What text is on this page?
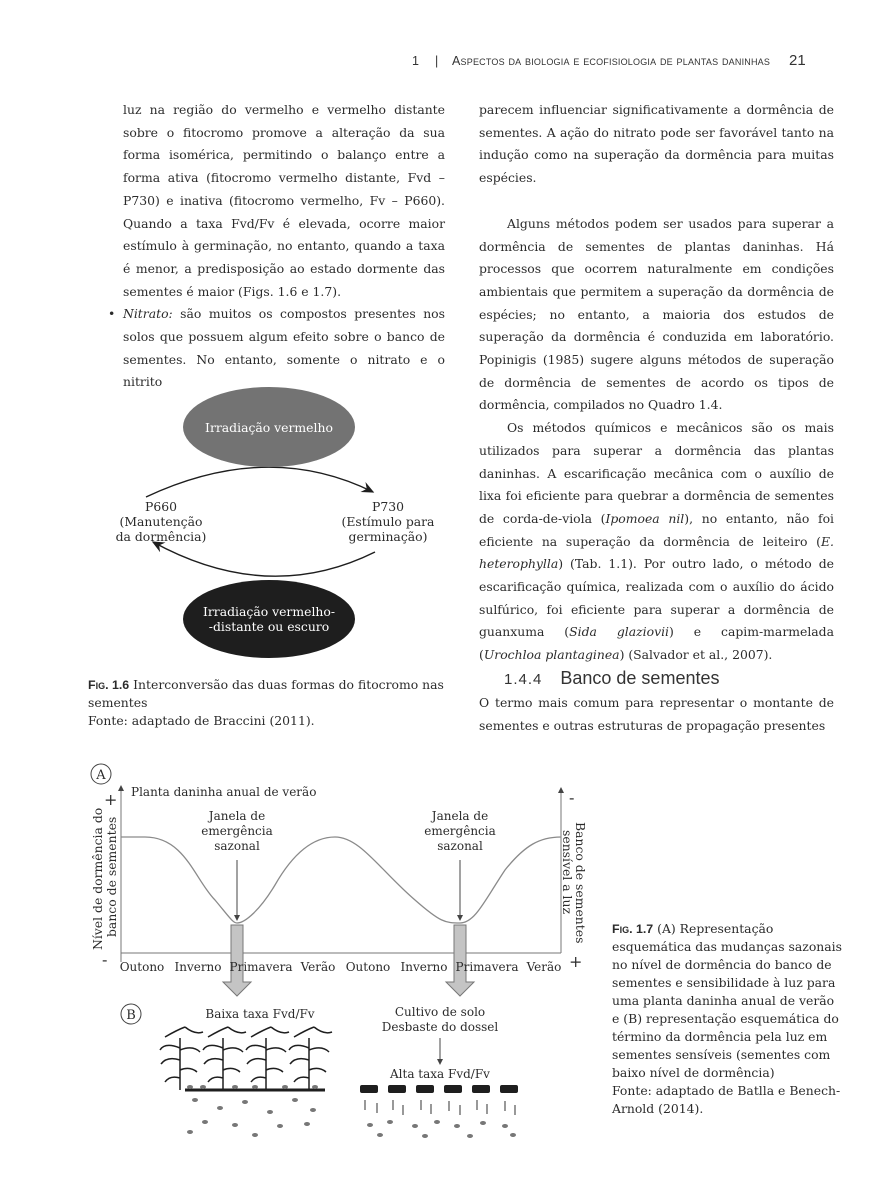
1 | Aspectos da biologia e ecofisiologia de plantas daninhas 21

luz na região do vermelho e vermelho distante sobre o fitocromo promove a alteração da sua forma isomérica, permitindo o balanço entre a forma ativa (fitocromo vermelho distante, Fvd – P730) e inativa (fitocromo vermelho, Fv – P660). Quando a taxa Fvd/Fv é elevada, ocorre maior estímulo à germinação, no entanto, quando a taxa é menor, a predisposição ao estado dormente das sementes é maior (Figs. 1.6 e 1.7).

• Nitrato: são muitos os compostos presentes nos solos que possuem algum efeito sobre o banco de sementes. No entanto, somente o nitrato e o nitrito

parecem influenciar significativamente a dormência de sementes. A ação do nitrato pode ser favorável tanto na indução como na superação da dormência para muitas espécies.

Alguns métodos podem ser usados para superar a dormência de sementes de plantas daninhas. Há processos que ocorrem naturalmente em condições ambientais que permitem a superação da dormência de espécies; no entanto, a maioria dos estudos de superação da dormência é conduzida em laboratório. Popinigis (1985) sugere alguns métodos de superação de dormência de sementes de acordo os tipos de dormência, compilados no Quadro 1.4.

Os métodos químicos e mecânicos são os mais utilizados para superar a dormência das plantas daninhas. A escarificação mecânica com o auxílio de lixa foi eficiente para quebrar a dormência de sementes de corda-de-viola (Ipomoea nil), no entanto, não foi eficiente na superação da dormência de leiteiro (E. heterophylla) (Tab. 1.1). Por outro lado, o método de escarificação química, realizada com o auxílio do ácido sulfúrico, foi eficiente para superar a dormência de guanxuma (Sida glaziovii) e capim-marmelada (Urochloa plantaginea) (Salvador et al., 2007).

1.4.4 Banco de sementes

O termo mais comum para representar o montante de sementes e outras estruturas de propagação presentes

Irradiação vermelho
Irradiação vermelho-
-distante ou escuro
P660
(Manutenção
da dormência)
P730
(Estímulo para
germinação)
Fig. 1.6 Interconversão das duas formas do fitocromo nas sementes
Fonte: adaptado de Braccini (2011).
A
Planta daninha anual de verão
+
-
-
+
Nível de dormência do banco de sementes	Banco de sementes
sensível a luz
Janela de
emergência
sazonal
Janela de
emergência
sazonal
Outono Inverno Primavera Verão Outono Inverno Primavera Verão
B	Baixa taxa Fvd/Fv	Cultivo de solo
Desbaste do dossel
Alta taxa Fvd/Fv
Fig. 1.7 (A) Representação esquemática das mudanças sazonais no nível de dormência do banco de sementes e sensibilidade à luz para uma planta daninha anual de verão e (B) representação esquemática do término da dormência pela luz em sementes sensíveis (sementes com baixo nível de dormência)
Fonte: adaptado de Batlla e Benech-Arnold (2014).
